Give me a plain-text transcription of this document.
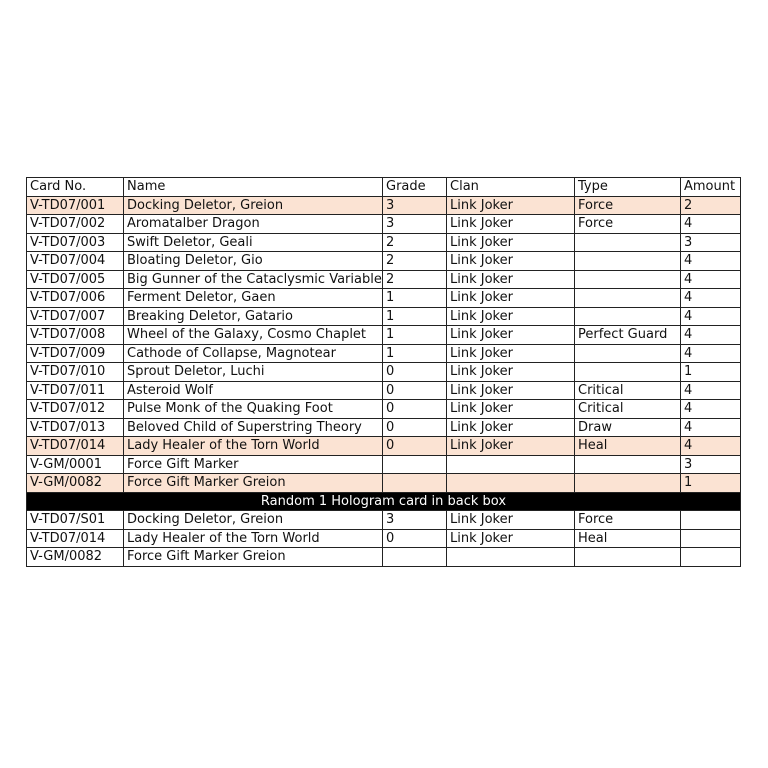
Card No.	Name	Grade	Clan	Type	Amount
V-TD07/001	Docking Deletor, Greion	3	Link Joker	Force	2
V-TD07/002	Aromatalber Dragon	3	Link Joker	Force	4
V-TD07/003	Swift Deletor, Geali	2	Link Joker		3
V-TD07/004	Bloating Deletor, Gio	2	Link Joker		4
V-TD07/005	Big Gunner of the Cataclysmic Variable	2	Link Joker		4
V-TD07/006	Ferment Deletor, Gaen	1	Link Joker		4
V-TD07/007	Breaking Deletor, Gatario	1	Link Joker		4
V-TD07/008	Wheel of the Galaxy, Cosmo Chaplet	1	Link Joker	Perfect Guard	4
V-TD07/009	Cathode of Collapse, Magnotear	1	Link Joker		4
V-TD07/010	Sprout Deletor, Luchi	0	Link Joker		1
V-TD07/011	Asteroid Wolf	0	Link Joker	Critical	4
V-TD07/012	Pulse Monk of the Quaking Foot	0	Link Joker	Critical	4
V-TD07/013	Beloved Child of Superstring Theory	0	Link Joker	Draw	4
V-TD07/014	Lady Healer of the Torn World	0	Link Joker	Heal	4
V-GM/0001	Force Gift Marker				3
V-GM/0082	Force Gift Marker Greion				1
Random 1 Hologram card in back box					
V-TD07/S01	Docking Deletor, Greion	3	Link Joker	Force	
V-TD07/014	Lady Healer of the Torn World	0	Link Joker	Heal	
V-GM/0082	Force Gift Marker Greion				
